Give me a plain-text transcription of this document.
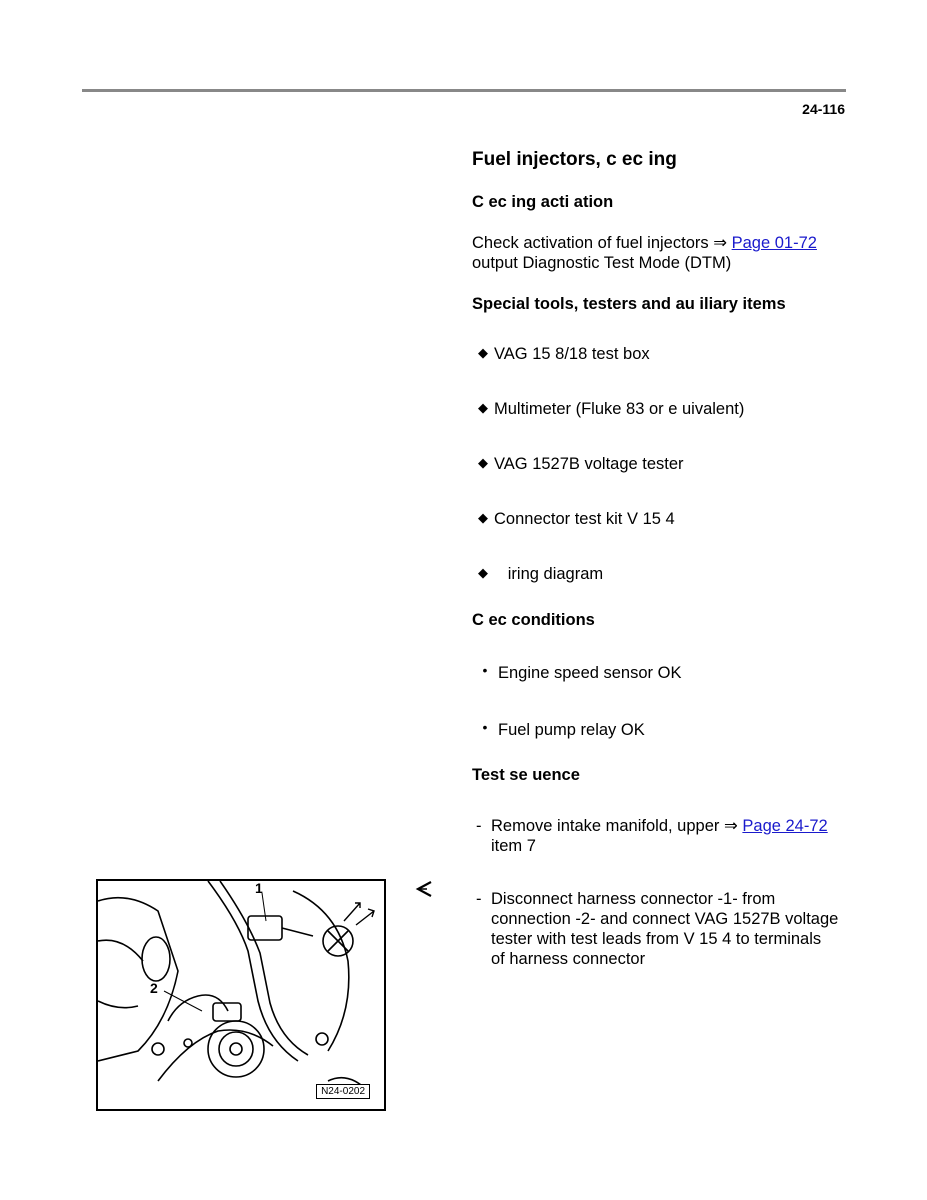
24-116
Fuel injectors, c ec ing
C ec ing acti ation
Check activation of fuel injectors ⇒ Page 01-72
output Diagnostic Test Mode (DTM)
Special tools, testers and au iliary items
◆ VAG 15 8/18 test box
◆ Multimeter (Fluke 83 or e uivalent)
◆ VAG 1527B voltage tester
◆ Connector test kit V 15 4
◆   iring diagram
C ec conditions
• Engine speed sensor OK
• Fuel pump relay OK
Test se uence
- Remove intake manifold, upper ⇒ Page 24-72
item 7
- Disconnect harness connector -1- from
connection -2- and connect VAG 1527B voltage
tester with test leads from V 15 4 to terminals
of harness connector
1
2
N24-0202
